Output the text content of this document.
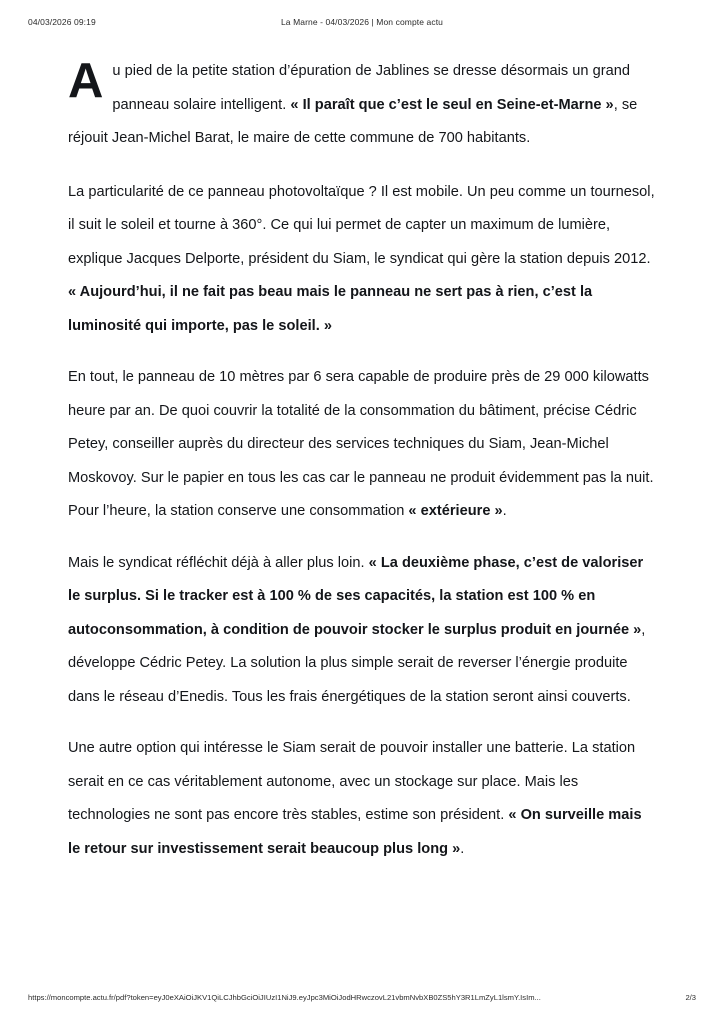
04/03/2026 09:19	La Marne - 04/03/2026 | Mon compte actu

Au pied de la petite station d’épuration de Jablines se dresse désormais un grand panneau solaire intelligent. « Il paraît que c’est le seul en Seine-et-Marne », se réjouit Jean-Michel Barat, le maire de cette commune de 700 habitants.

La particularité de ce panneau photovoltaïque ? Il est mobile. Un peu comme un tournesol, il suit le soleil et tourne à 360°. Ce qui lui permet de capter un maximum de lumière, explique Jacques Delporte, président du Siam, le syndicat qui gère la station depuis 2012. « Aujourd’hui, il ne fait pas beau mais le panneau ne sert pas à rien, c’est la luminosité qui importe, pas le soleil. »

En tout, le panneau de 10 mètres par 6 sera capable de produire près de 29 000 kilowatts heure par an. De quoi couvrir la totalité de la consommation du bâtiment, précise Cédric Petey, conseiller auprès du directeur des services techniques du Siam, Jean-Michel Moskovoy. Sur le papier en tous les cas car le panneau ne produit évidemment pas la nuit. Pour l’heure, la station conserve une consommation « extérieure ».

Mais le syndicat réfléchit déjà à aller plus loin. « La deuxième phase, c’est de valoriser le surplus. Si le tracker est à 100 % de ses capacités, la station est 100 % en autoconsommation, à condition de pouvoir stocker le surplus produit en journée », développe Cédric Petey. La solution la plus simple serait de reverser l’énergie produite dans le réseau d’Enedis. Tous les frais énergétiques de la station seront ainsi couverts.

Une autre option qui intéresse le Siam serait de pouvoir installer une batterie. La station serait en ce cas véritablement autonome, avec un stockage sur place. Mais les technologies ne sont pas encore très stables, estime son président. « On surveille mais le retour sur investissement serait beaucoup plus long ».

https://moncompte.actu.fr/pdf?token=eyJ0eXAiOiJKV1QiLCJhbGciOiJIUzI1NiJ9.eyJpc3MiOiJodHRwczovL21vbmNvbXB0ZS5hY3R1LmZyL1lsmY.IsIm...	2/3
